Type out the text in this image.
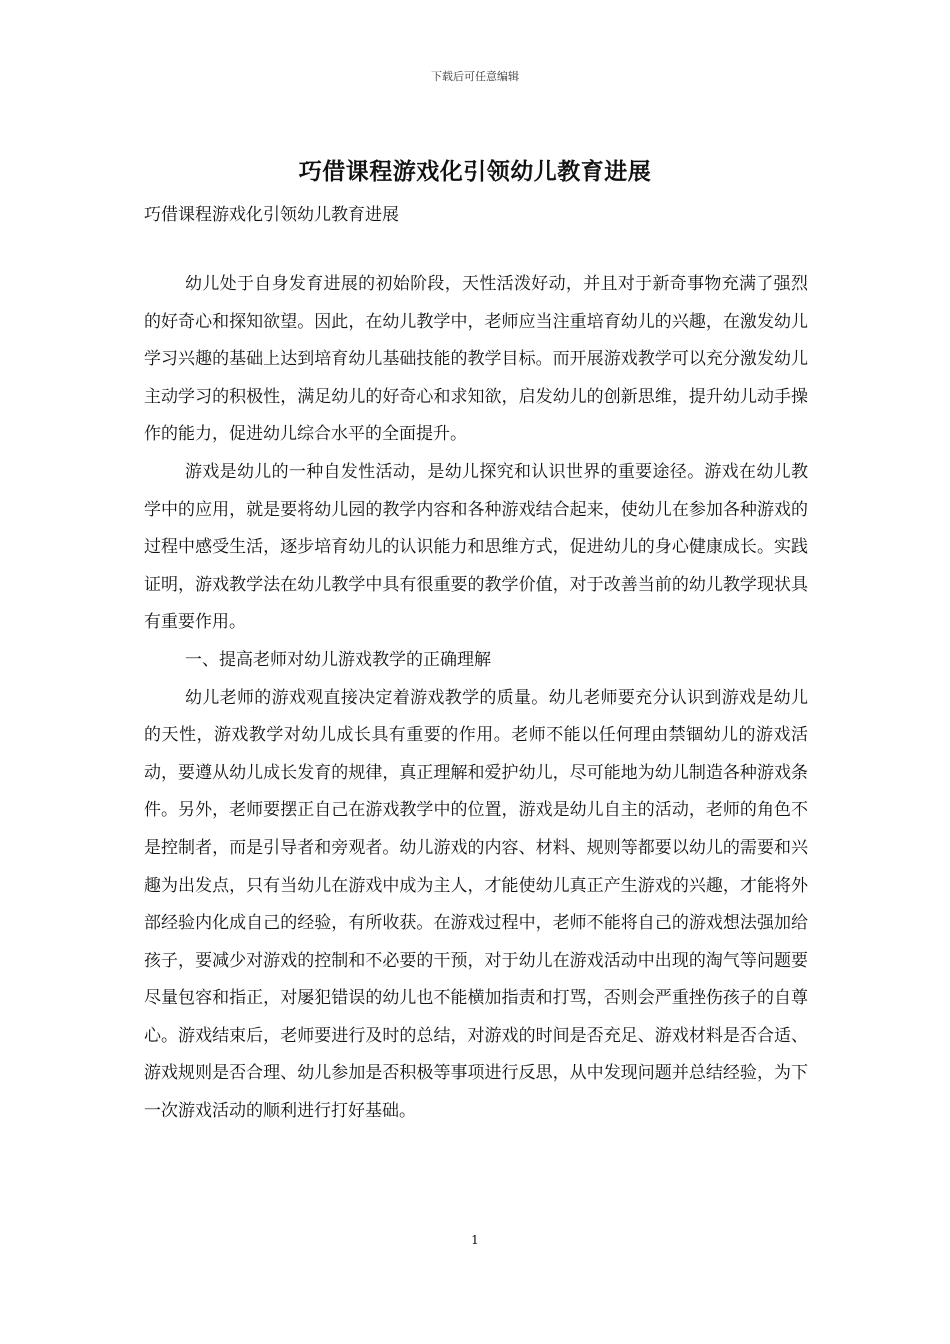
下载后可任意编辑
巧借课程游戏化引领幼儿教育进展
巧借课程游戏化引领幼儿教育进展

幼儿处于自身发育进展的初始阶段，天性活泼好动，并且对于新奇事物充满了强烈的好奇心和探知欲望。因此，在幼儿教学中，老师应当注重培育幼儿的兴趣，在激发幼儿学习兴趣的基础上达到培育幼儿基础技能的教学目标。而开展游戏教学可以充分激发幼儿主动学习的积极性，满足幼儿的好奇心和求知欲，启发幼儿的创新思维，提升幼儿动手操作的能力，促进幼儿综合水平的全面提升。

游戏是幼儿的一种自发性活动，是幼儿探究和认识世界的重要途径。游戏在幼儿教学中的应用，就是要将幼儿园的教学内容和各种游戏结合起来，使幼儿在参加各种游戏的过程中感受生活，逐步培育幼儿的认识能力和思维方式，促进幼儿的身心健康成长。实践证明，游戏教学法在幼儿教学中具有很重要的教学价值，对于改善当前的幼儿教学现状具有重要作用。

一、提高老师对幼儿游戏教学的正确理解

幼儿老师的游戏观直接决定着游戏教学的质量。幼儿老师要充分认识到游戏是幼儿的天性，游戏教学对幼儿成长具有重要的作用。老师不能以任何理由禁锢幼儿的游戏活动，要遵从幼儿成长发育的规律，真正理解和爱护幼儿，尽可能地为幼儿制造各种游戏条件。另外，老师要摆正自己在游戏教学中的位置，游戏是幼儿自主的活动，老师的角色不是控制者，而是引导者和旁观者。幼儿游戏的内容、材料、规则等都要以幼儿的需要和兴趣为出发点，只有当幼儿在游戏中成为主人，才能使幼儿真正产生游戏的兴趣，才能将外部经验内化成自己的经验，有所收获。在游戏过程中，老师不能将自己的游戏想法强加给孩子，要减少对游戏的控制和不必要的干预，对于幼儿在游戏活动中出现的淘气等问题要尽量包容和指正，对屡犯错误的幼儿也不能横加指责和打骂，否则会严重挫伤孩子的自尊心。游戏结束后，老师要进行及时的总结，对游戏的时间是否充足、游戏材料是否合适、游戏规则是否合理、幼儿参加是否积极等事项进行反思，从中发现问题并总结经验，为下一次游戏活动的顺利进行打好基础。

1
